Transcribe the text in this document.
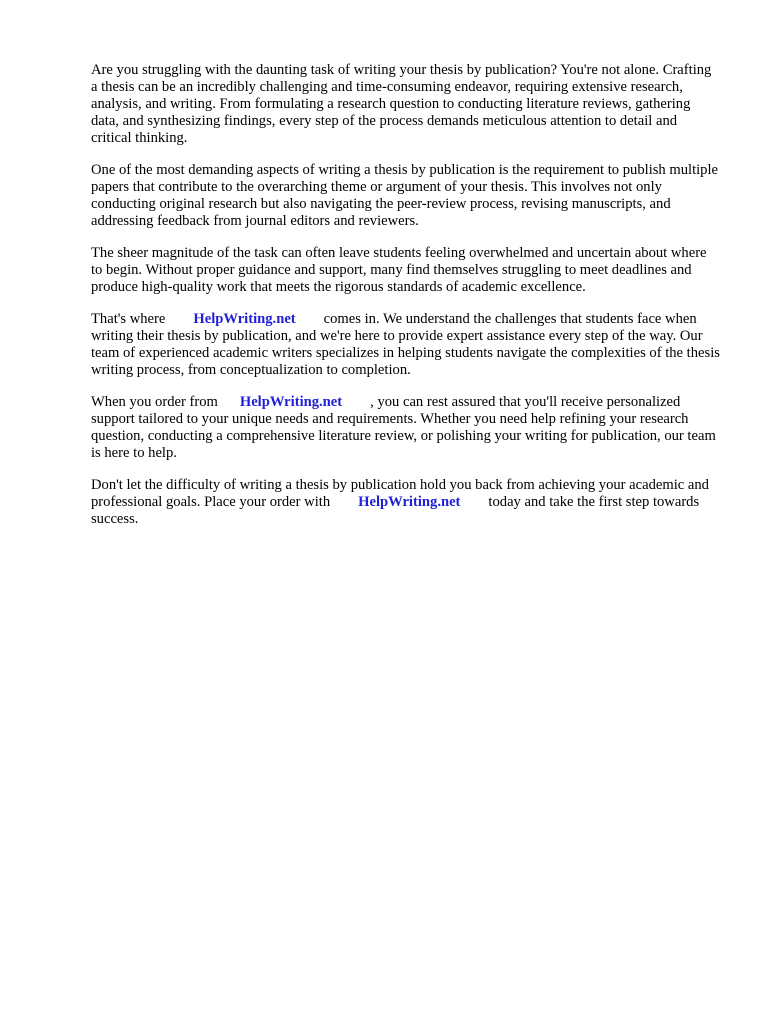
Are you struggling with the daunting task of writing your thesis by publication? You're not alone. Crafting a thesis can be an incredibly challenging and time-consuming endeavor, requiring extensive research, analysis, and writing. From formulating a research question to conducting literature reviews, gathering data, and synthesizing findings, every step of the process demands meticulous attention to detail and critical thinking.

One of the most demanding aspects of writing a thesis by publication is the requirement to publish multiple papers that contribute to the overarching theme or argument of your thesis. This involves not only conducting original research but also navigating the peer-review process, revising manuscripts, and addressing feedback from journal editors and reviewers.

The sheer magnitude of the task can often leave students feeling overwhelmed and uncertain about where to begin. Without proper guidance and support, many find themselves struggling to meet deadlines and produce high-quality work that meets the rigorous standards of academic excellence.

That's where HelpWriting.net comes in. We understand the challenges that students face when writing their thesis by publication, and we're here to provide expert assistance every step of the way. Our team of experienced academic writers specializes in helping students navigate the complexities of the thesis writing process, from conceptualization to completion.

When you order from HelpWriting.net , you can rest assured that you'll receive personalized support tailored to your unique needs and requirements. Whether you need help refining your research question, conducting a comprehensive literature review, or polishing your writing for publication, our team is here to help.

Don't let the difficulty of writing a thesis by publication hold you back from achieving your academic and professional goals. Place your order with HelpWriting.net today and take the first step towards success.
